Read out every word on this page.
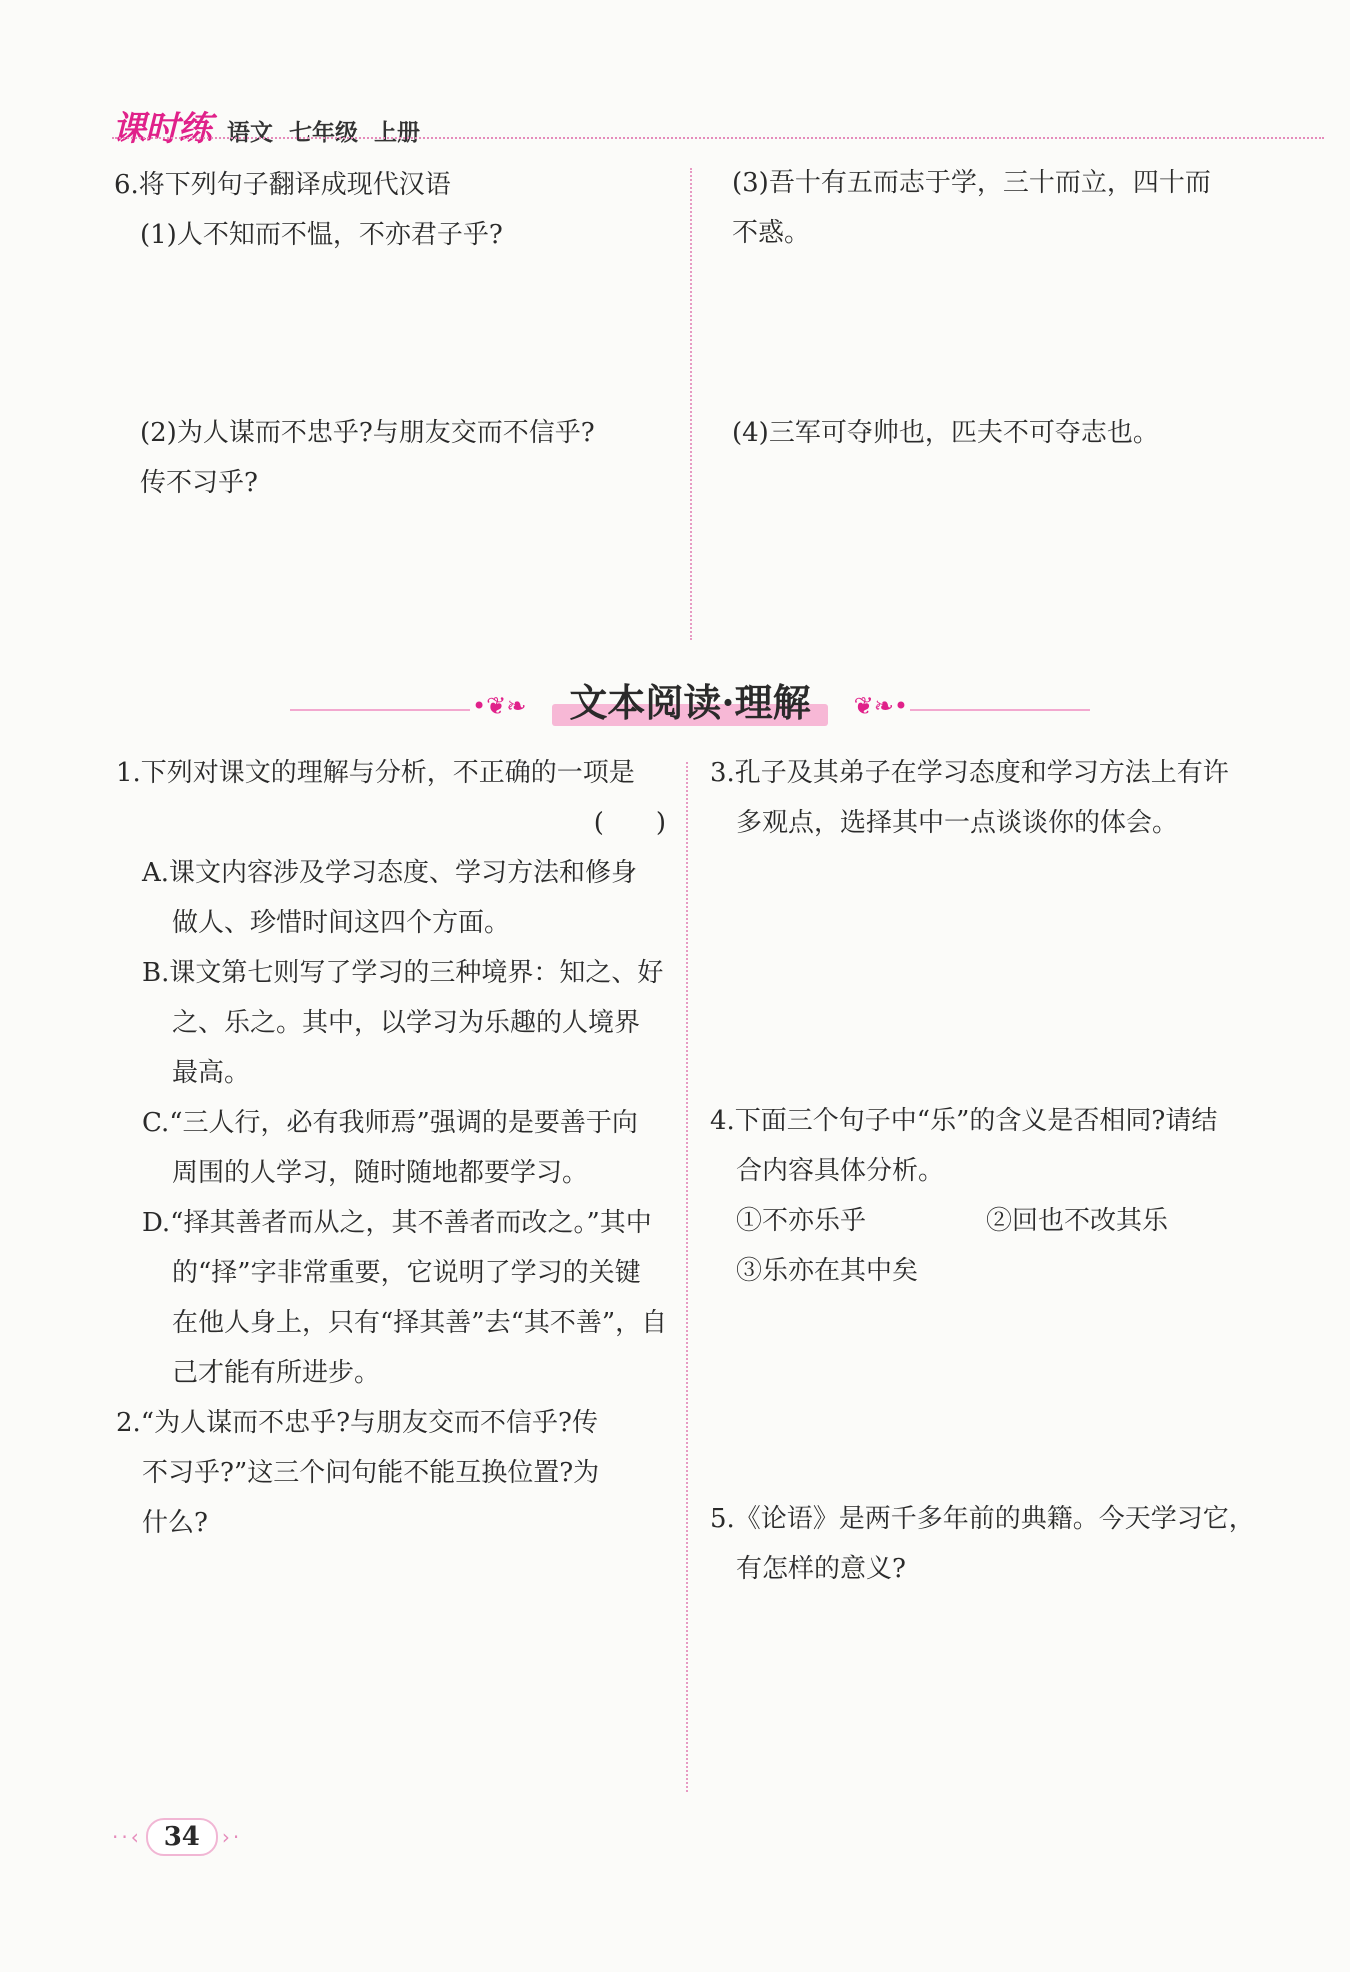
课时练 语文 七年级 上册
6.将下列句子翻译成现代汉语
(1)人不知而不愠，不亦君子乎?
(2)为人谋而不忠乎?与朋友交而不信乎?
传不习乎?
(3)吾十有五而志于学，三十而立，四十而
不惑。
(4)三军可夺帅也，匹夫不可夺志也。
•❦❧	文本阅读·理解	❦❧•
1.下列对课文的理解与分析，不正确的一项是
(　　)
A.课文内容涉及学习态度、学习方法和修身
做人、珍惜时间这四个方面。
B.课文第七则写了学习的三种境界：知之、好
之、乐之。其中，以学习为乐趣的人境界
最高。
C.“三人行，必有我师焉”强调的是要善于向
周围的人学习，随时随地都要学习。
D.“择其善者而从之，其不善者而改之。”其中
的“择”字非常重要，它说明了学习的关键
在他人身上，只有“择其善”去“其不善”，自
己才能有所进步。
2.“为人谋而不忠乎?与朋友交而不信乎?传
不习乎?”这三个问句能不能互换位置?为
什么?
3.孔子及其弟子在学习态度和学习方法上有许
多观点，选择其中一点谈谈你的体会。
4.下面三个句子中“乐”的含义是否相同?请结
合内容具体分析。
①不亦乐乎	②回也不改其乐
③乐亦在其中矣
5.《论语》是两千多年前的典籍。今天学习它，
有怎样的意义?
··‹ 34	›·
